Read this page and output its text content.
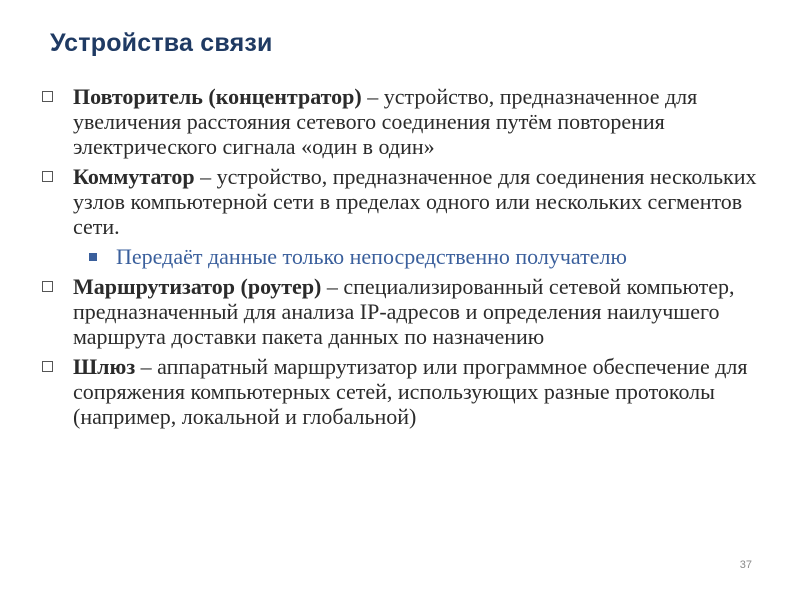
Устройства связи
Повторитель (концентратор) – устройство, предназначенное для увеличения расстояния сетевого соединения путём повторения электрического сигнала «один в один»
Коммутатор – устройство, предназначенное для соединения нескольких узлов компьютерной сети в пределах одного или нескольких сегментов сети.
Передаёт данные только непосредственно получателю
Маршрутизатор (роутер) – специализированный сетевой компьютер, предназначенный для анализа IP-адресов и определения наилучшего маршрута доставки пакета данных по назначению
Шлюз – аппаратный маршрутизатор или программное обеспечение для сопряжения компьютерных сетей, использующих разные протоколы (например, локальной и глобальной)
37
